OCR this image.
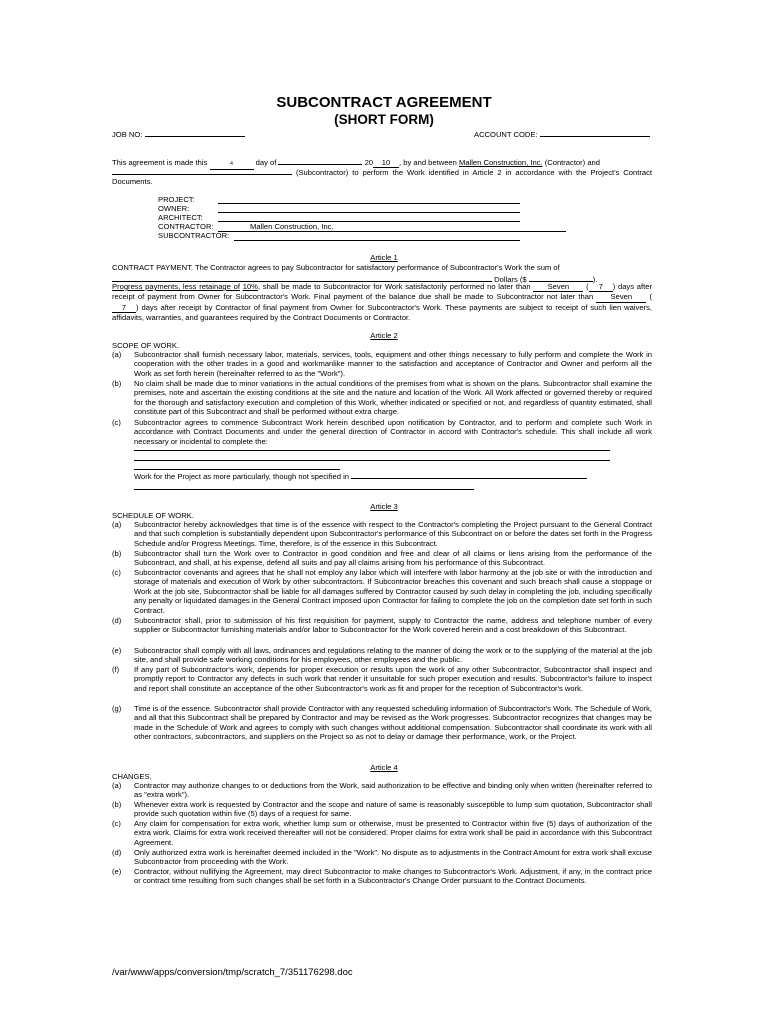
SUBCONTRACT AGREEMENT
(SHORT FORM)
JOB NO:	ACCOUNT CODE:
This agreement is made this	4	day of	20 10 , by and between Mallen Construction, Inc. (Contractor) and
(Subcontractor) to perform the Work identified in Article 2 in accordance with the Project's Contract Documents.
PROJECT:
OWNER:
ARCHITECT:
CONTRACTOR:	Mallen Construction, Inc.
SUBCONTRACTOR:
Article 1
CONTRACT PAYMENT. The Contractor agrees to pay Subcontractor for satisfactory performance of Subcontractor's Work the sum of
Dollars ($	).
Progress payments, less retainage of 10%, shall be made to Subcontractor for Work satisfactorily performed no later than Seven ( 7 ) days after receipt of payment from Owner for Subcontractor's Work. Final payment of the balance due shall be made to Subcontractor not later than Seven (7 ) days after receipt by Contractor of final payment from Owner for Subcontractor's Work. These payments are subject to receipt of such lien waivers, affidavits, warranties, and guarantees required by the Contract Documents or Contractor.
Article 2
SCOPE OF WORK.
(a)	Subcontractor shall furnish necessary labor, materials, services, tools, equipment and other things necessary to fully perform and complete the Work in cooperation with the other trades in a good and workmanlike manner to the satisfaction and acceptance of Contractor and Owner and perform all the Work as set forth herein (hereinafter referred to as the "Work").
(b)	No claim shall be made due to minor variations in the actual conditions of the premises from what is shown on the plans. Subcontractor shall examine the premises, note and ascertain the existing conditions at the site and the nature and location of the Work. All Work affected or governed thereby or required for the thorough and satisfactory execution and completion of this Work, whether indicated or specified or not, and regardless of quantity estimated, shall constitute part of this Subcontract and shall be performed without extra charge.
(c)	Subcontractor agrees to commence Subcontract Work herein described upon notification by Contractor, and to perform and complete such Work in accordance with Contract Documents and under the general direction of Contractor in accord with Contractor's schedule. This shall include all work necessary or incidental to complete the:
Work for the Project as more particularly, though not specified in
Article 3
SCHEDULE OF WORK.
(a)	Subcontractor hereby acknowledges that time is of the essence with respect to the Contractor's completing the Project pursuant to the General Contract and that such completion is substantially dependent upon Subcontractor's performance of this Subcontract on or before the dates set forth in the Progress Schedule and/or Progress Meetings. Time, therefore, is of the essence in this Subcontract.
(b)	Subcontractor shall turn the Work over to Contractor in good condition and free and clear of all claims or liens arising from the performance of the Subcontract, and shall, at his expense, defend all suits and pay all claims arising from his performance of this Subcontract.
(c)	Subcontractor covenants and agrees that he shall not employ any labor which will interfere with labor harmony at the job site or with the introduction and storage of materials and execution of Work by other subcontractors. If Subcontractor breaches this covenant and such breach shall cause a stoppage or Work at the job site, Subcontractor shall be liable for all damages suffered by Contractor caused by such delay in completing the job, including specifically any penalty or liquidated damages in the General Contract imposed upon Contractor for failing to complete the job on the completion date set forth in such Contract.
(d)	Subcontractor shall, prior to submission of his first requisition for payment, supply to Contractor the name, address and telephone number of every supplier or Subcontractor furnishing materials and/or labor to Subcontractor for the Work covered herein and a cost breakdown of this Subcontract.
(e)	Subcontractor shall comply with all laws, ordinances and regulations relating to the manner of doing the work or to the supplying of the material at the job site, and shall provide safe working conditions for his employees, other employees and the public.
(f)	If any part of Subcontractor's work, depends for proper execution or results upon the work of any other Subcontractor, Subcontractor shall inspect and promptly report to Contractor any defects in such work that render it unsuitable for such proper execution and results. Subcontractor's failure to inspect and report shall constitute an acceptance of the other Subcontractor's work as fit and proper for the reception of Subcontractor's work.
(g)	Time is of the essence. Subcontractor shall provide Contractor with any requested scheduling information of Subcontractor's Work. The Schedule of Work, and all that this Subcontract shall be prepared by Contractor and may be revised as the Work progresses. Subcontractor recognizes that changes may be made in the Schedule of Work and agrees to comply with such changes without additional compensation. Subcontractor shall coordinate its work with all other contractors, subcontractors, and suppliers on the Project so as not to delay or damage their performance, work, or the Project.
Article 4
CHANGES.
(a)	Contractor may authorize changes to or deductions from the Work, said authorization to be effective and binding only when written (hereinafter referred to as "extra work").
(b)	Whenever extra work is requested by Contractor and the scope and nature of same is reasonably susceptible to lump sum quotation, Subcontractor shall provide such quotation within five (5) days of a request for same.
(c)	Any claim for compensation for extra work, whether lump sum or otherwise, must be presented to Contractor within five (5) days of authorization of the extra work. Claims for extra work received thereafter will not be considered. Proper claims for extra work shall be paid in accordance with this Subcontract Agreement.
(d)	Only authorized extra work is hereinafter deemed included in the "Work". No dispute as to adjustments in the Contract Amount for extra work shall excuse Subcontractor from proceeding with the Work.
(e)	Contractor, without nullifying the Agreement, may direct Subcontractor to make changes to Subcontractor's Work. Adjustment, if any, in the contract price or contract time resulting from such changes shall be set forth in a Subcontractor's Change Order pursuant to the Contract Documents.
/var/www/apps/conversion/tmp/scratch_7/351176298.doc
